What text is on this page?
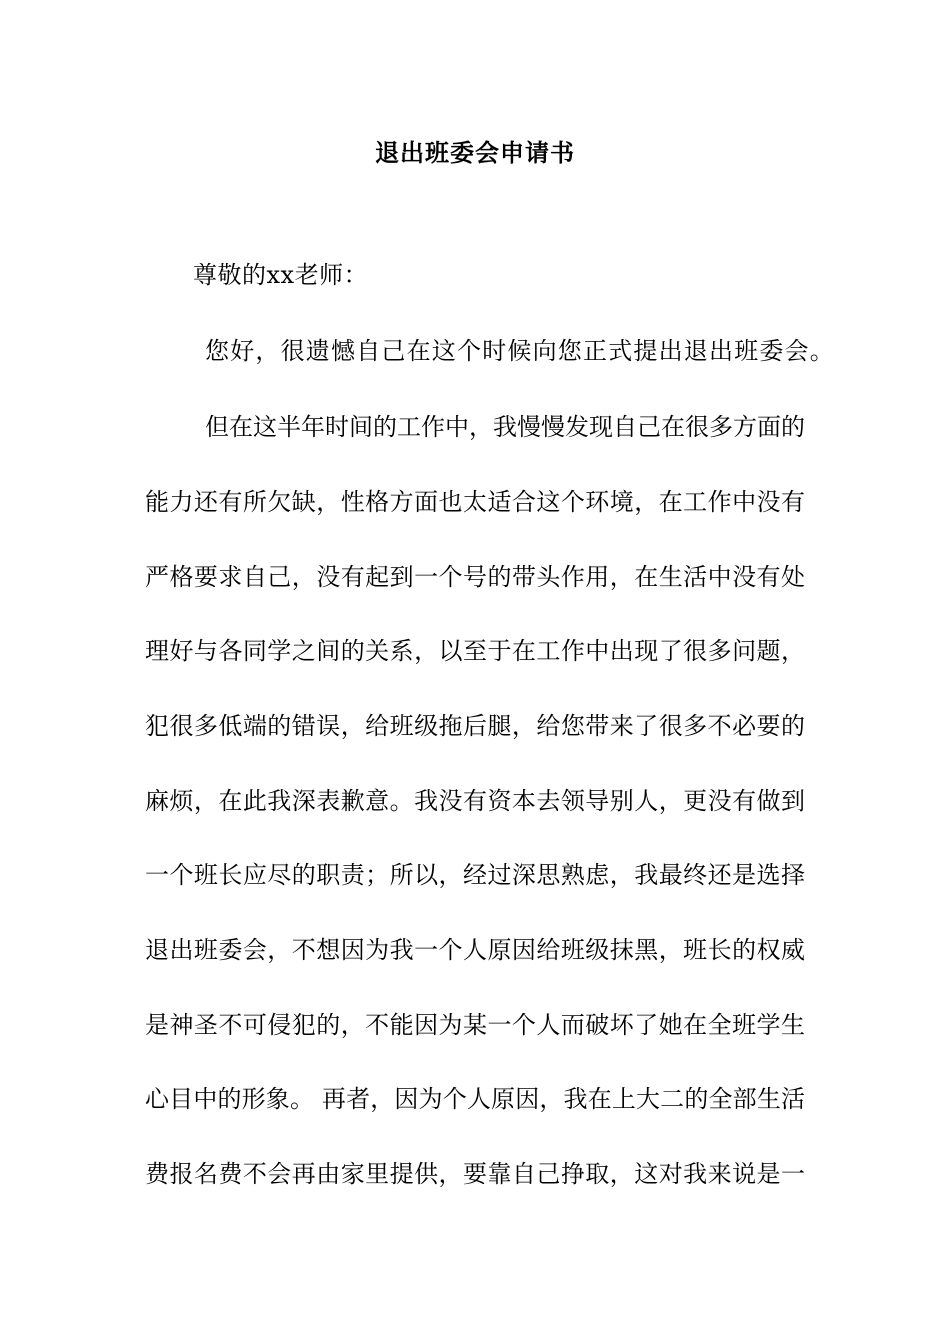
退出班委会申请书
尊敬的xx老师：
您好，很遗憾自己在这个时候向您正式提出退出班委会。
但在这半年时间的工作中，我慢慢发现自己在很多方面的
能力还有所欠缺，性格方面也太适合这个环境，在工作中没有
严格要求自己，没有起到一个号的带头作用，在生活中没有处
理好与各同学之间的关系，以至于在工作中出现了很多问题，
犯很多低端的错误，给班级拖后腿，给您带来了很多不必要的
麻烦，在此我深表歉意。我没有资本去领导别人，更没有做到
一个班长应尽的职责；所以，经过深思熟虑，我最终还是选择
退出班委会，不想因为我一个人原因给班级抹黑，班长的权威
是神圣不可侵犯的，不能因为某一个人而破坏了她在全班学生
心目中的形象。 再者，因为个人原因，我在上大二的全部生活
费报名费不会再由家里提供，要靠自己挣取，这对我来说是一
